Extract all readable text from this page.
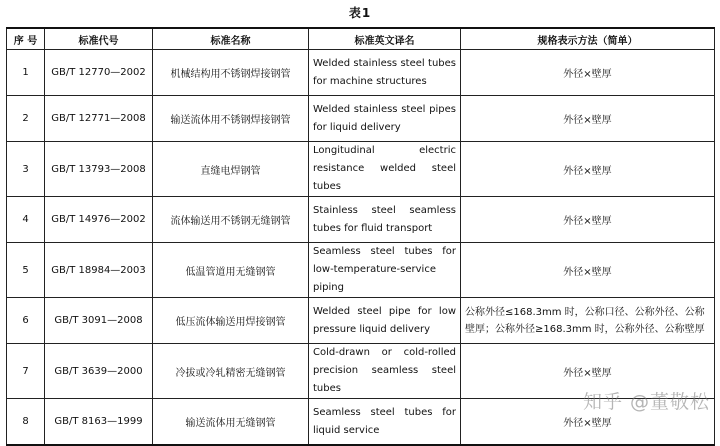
表1
序 号	标准代号	标准名称	标准英文译名	规格表示方法（简单）
1	GB/T 12770—2002	机械结构用不锈钢焊接钢管	Welded stainless steel tubes for machine structures	外径×壁厚
2	GB/T 12771—2008	输送流体用不锈钢焊接钢管	Welded stainless steel pipes for liquid delivery	外径×壁厚
3	GB/T 13793—2008	直缝电焊钢管	Longitudinal electric resistance welded steel tubes	外径×壁厚
4	GB/T 14976—2002	流体输送用不锈钢无缝钢管	Stainless steel seamless tubes for fluid transport	外径×壁厚
5	GB/T 18984—2003	低温管道用无缝钢管	Seamless steel tubes for low-temperature-service piping	外径×壁厚
6	GB/T 3091—2008	低压流体输送用焊接钢管	Welded steel pipe for low pressure liquid delivery	公称外径≤168.3mm 时，公称口径、公称外径、公称壁厚；公称外径≥168.3mm 时，公称外径、公称壁厚
7	GB/T 3639—2000	冷拔或冷轧精密无缝钢管	Cold-drawn or cold-rolled precision seamless steel tubes	外径×壁厚
8	GB/T 8163—1999	输送流体用无缝钢管	Seamless steel tubes for liquid service	外径×壁厚
知乎 @董敬松
